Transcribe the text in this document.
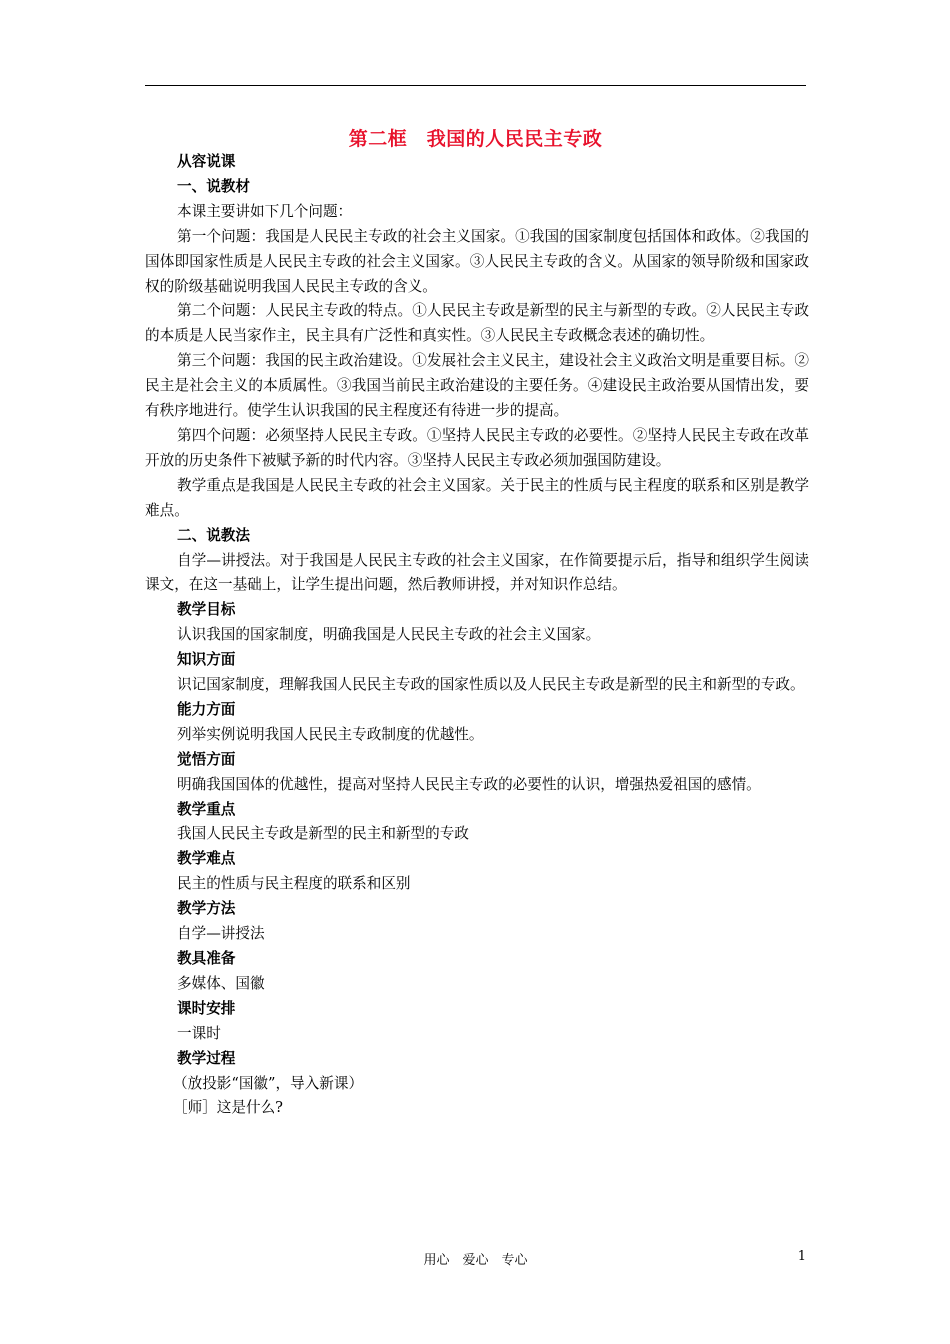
第二框　我国的人民民主专政

从容说课

一、说教材

本课主要讲如下几个问题：

第一个问题：我国是人民民主专政的社会主义国家。①我国的国家制度包括国体和政体。②我国的国体即国家性质是人民民主专政的社会主义国家。③人民民主专政的含义。从国家的领导阶级和国家政权的阶级基础说明我国人民民主专政的含义。

第二个问题：人民民主专政的特点。①人民民主专政是新型的民主与新型的专政。②人民民主专政的本质是人民当家作主，民主具有广泛性和真实性。③人民民主专政概念表述的确切性。

第三个问题：我国的民主政治建设。①发展社会主义民主，建设社会主义政治文明是重要目标。②民主是社会主义的本质属性。③我国当前民主政治建设的主要任务。④建设民主政治要从国情出发，要有秩序地进行。使学生认识我国的民主程度还有待进一步的提高。

第四个问题：必须坚持人民民主专政。①坚持人民民主专政的必要性。②坚持人民民主专政在改革开放的历史条件下被赋予新的时代内容。③坚持人民民主专政必须加强国防建设。

教学重点是我国是人民民主专政的社会主义国家。关于民主的性质与民主程度的联系和区别是教学难点。

二、说教法

自学—讲授法。对于我国是人民民主专政的社会主义国家，在作简要提示后，指导和组织学生阅读课文，在这一基础上，让学生提出问题，然后教师讲授，并对知识作总结。

教学目标

认识我国的国家制度，明确我国是人民民主专政的社会主义国家。

知识方面

识记国家制度，理解我国人民民主专政的国家性质以及人民民主专政是新型的民主和新型的专政。

能力方面

列举实例说明我国人民民主专政制度的优越性。

觉悟方面

明确我国国体的优越性，提高对坚持人民民主专政的必要性的认识，增强热爱祖国的感情。

教学重点

我国人民民主专政是新型的民主和新型的专政

教学难点

民主的性质与民主程度的联系和区别

教学方法

自学—讲授法

教具准备

多媒体、国徽

课时安排

一课时

教学过程

（放投影“国徽”，导入新课）

［师］这是什么?

用心　爱心　专心	1
